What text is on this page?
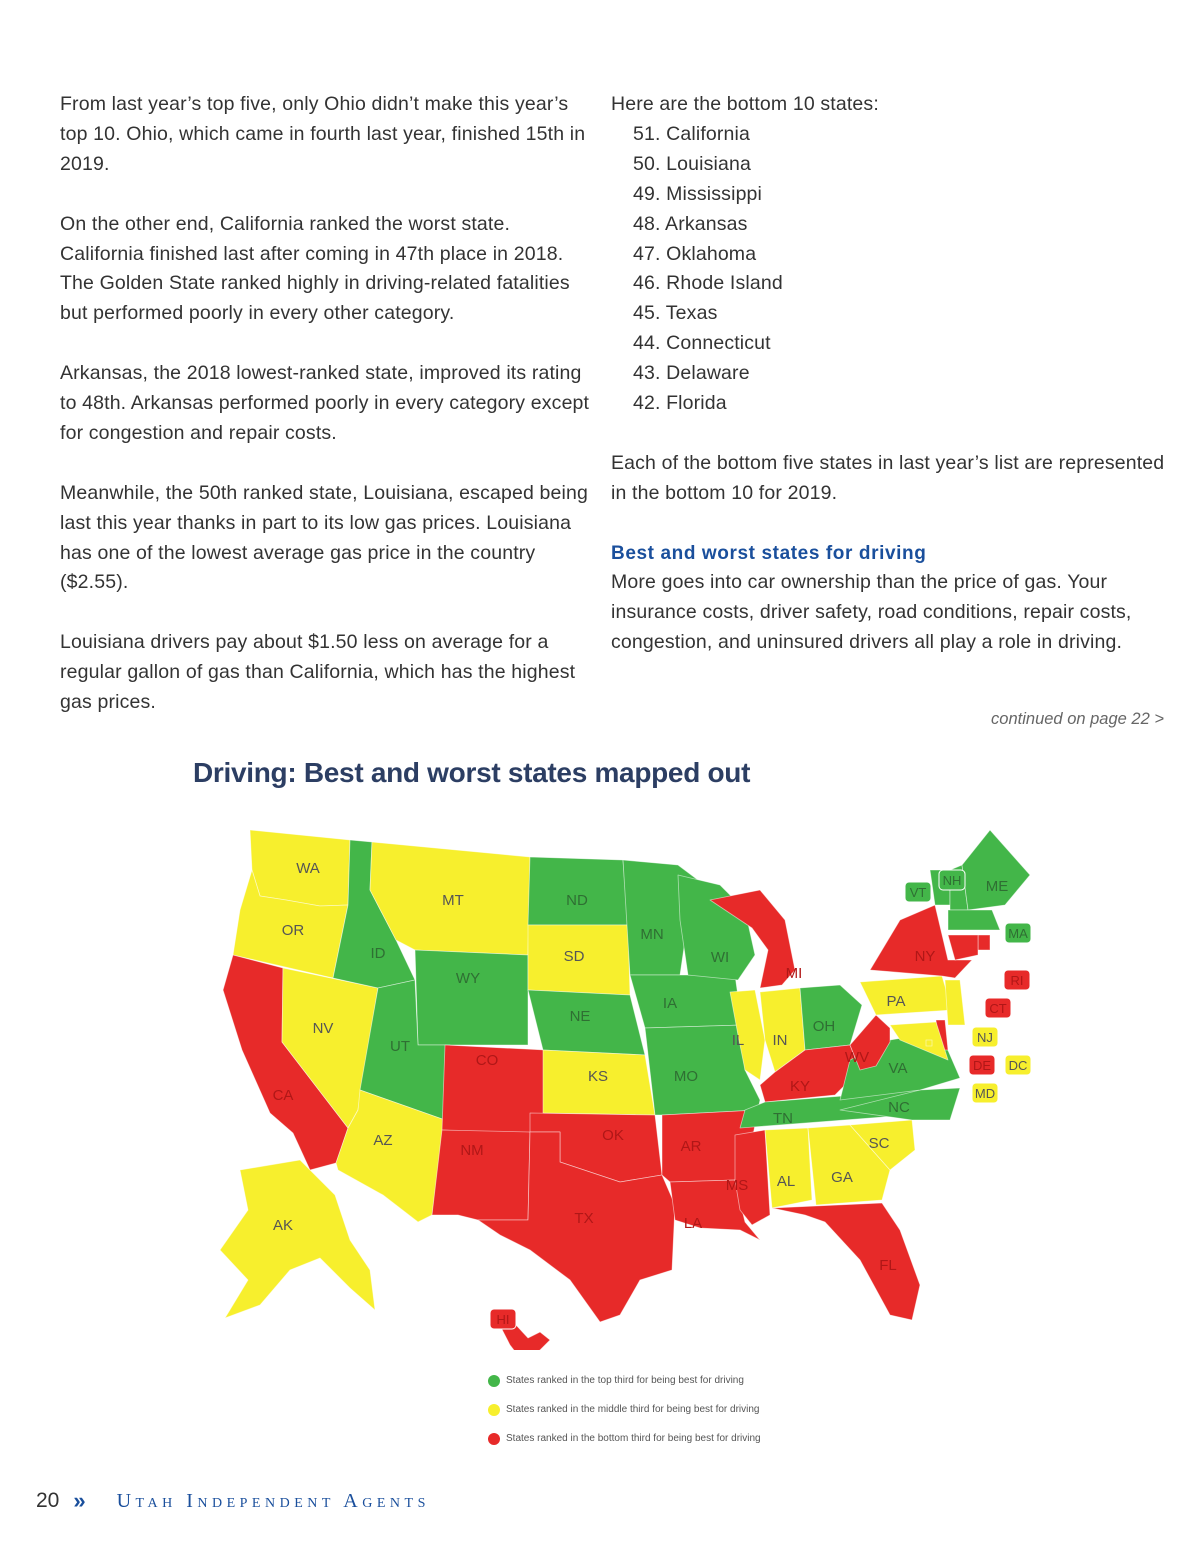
From last year’s top five, only Ohio didn’t make this year’s top 10. Ohio, which came in fourth last year, finished 15th in 2019.

On the other end, California ranked the worst state. California finished last after coming in 47th place in 2018. The Golden State ranked highly in driving-related fatalities but performed poorly in every other category.

Arkansas, the 2018 lowest-ranked state, improved its rating to 48th. Arkansas performed poorly in every category except for congestion and repair costs.

Meanwhile, the 50th ranked state, Louisiana, escaped being last this year thanks in part to its low gas prices. Louisiana has one of the lowest average gas price in the country ($2.55).

Louisiana drivers pay about $1.50 less on average for a regular gallon of gas than California, which has the highest gas prices.

Here are the bottom 10 states:
51. California
50. Louisiana
49. Mississippi
48. Arkansas
47. Oklahoma
46. Rhode Island
45. Texas
44. Connecticut
43. Delaware
42. Florida

Each of the bottom five states in last year’s list are represented in the bottom 10 for 2019.

Best and worst states for driving

More goes into car ownership than the price of gas. Your insurance costs, driver safety, road conditions, repair costs, congestion, and uninsured drivers all play a role in driving.

continued on page 22 >
Driving: Best and worst states mapped out
WA
OR
CA
NV
ID
MT
WY
UT
AZ
CO
NM
ND
SD
NE
KS
OK
TX
MN
IA
MO
AR
LA
WI
IL
MI
IN
OH
KY
TN
MS AL GA
FL
SC
NC
VA
WV
PA
NY
VT
NH ME
MA
RI
CT
NJ
DE DC
MD
AK
HI
States ranked in the top third for being best for driving
States ranked in the middle third for being best for driving
States ranked in the bottom third for being best for driving
20 » Utah Independent Agents
